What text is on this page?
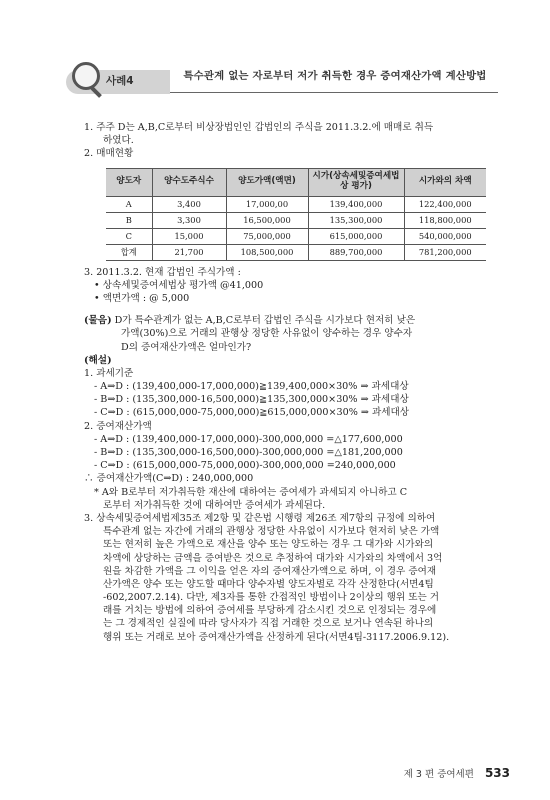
사례4	특수관계 없는 자로부터 저가 취득한 경우 증여재산가액 계산방법
1. 주주 D는 A,B,C로부터 비상장법인인 갑법인의 주식을 2011.3.2.에 매매로 취득
하였다.
2. 매매현황
양도자	양수도주식수	양도가액(액면)	시가(상속세및증여세법상 평가)	시가와의 차액
A	3,400	17,000,00	139,400,000	122,400,000
B	3,300	16,500,000	135,300,000	118,800,000
C	15,000	75,000,000	615,000,000	540,000,000
합계	21,700	108,500,000	889,700,000	781,200,000
3. 2011.3.2. 현재 갑법인 주식가액 :
• 상속세및증여세법상 평가액 @41,000
• 액면가액 : @ 5,000
(물음) D가 특수관계가 없는 A,B,C로부터 갑법인 주식을 시가보다 현저히 낮은
가액(30%)으로 거래의 관행상 정당한 사유없이 양수하는 경우 양수자
D의 증여재산가액은 얼마인가?
(해설)
1. 과세기준
- A⇒D : (139,400,000-17,000,000)≧139,400,000×30% ⇒ 과세대상
- B⇒D : (135,300,000-16,500,000)≧135,300,000×30% ⇒ 과세대상
- C⇒D : (615,000,000-75,000,000)≧615,000,000×30% ⇒ 과세대상
2. 증여재산가액
- A⇒D : (139,400,000-17,000,000)-300,000,000 =△177,600,000
- B⇒D : (135,300,000-16,500,000)-300,000,000 =△181,200,000
- C⇒D : (615,000,000-75,000,000)-300,000,000 =240,000,000
∴ 증여재산가액(C⇒D) : 240,000,000
* A와 B로부터 저가취득한 재산에 대하여는 증여세가 과세되지 아니하고 C
로부터 저가취득한 것에 대하여만 증여세가 과세된다.
3. 상속세및증여세법제35조 제2항 및 같은법 시행령 제26조 제7항의 규정에 의하여
특수관계 없는 자간에 거래의 관행상 정당한 사유없이 시가보다 현저히 낮은 가액
또는 현저히 높은 가액으로 재산을 양수 또는 양도하는 경우 그 대가와 시가와의
차액에 상당하는 금액을 증여받은 것으로 추정하여 대가와 시가와의 차액에서 3억
원을 차감한 가액을 그 이익을 얻은 자의 증여재산가액으로 하며, 이 경우 증여재
산가액은 양수 또는 양도할 때마다 양수자별 양도자별로 각각 산정한다(서면4팀
-602,2007.2.14). 다만, 제3자를 통한 간접적인 방법이나 2이상의 행위 또는 거
래를 거치는 방법에 의하여 증여세를 부당하게 감소시킨 것으로 인정되는 경우에
는 그 경제적인 실질에 따라 당사자가 직접 거래한 것으로 보거나 연속된 하나의
행위 또는 거래로 보아 증여재산가액을 산정하게 된다(서면4팀-3117.2006.9.12).
제 3 편 증여세편 533
